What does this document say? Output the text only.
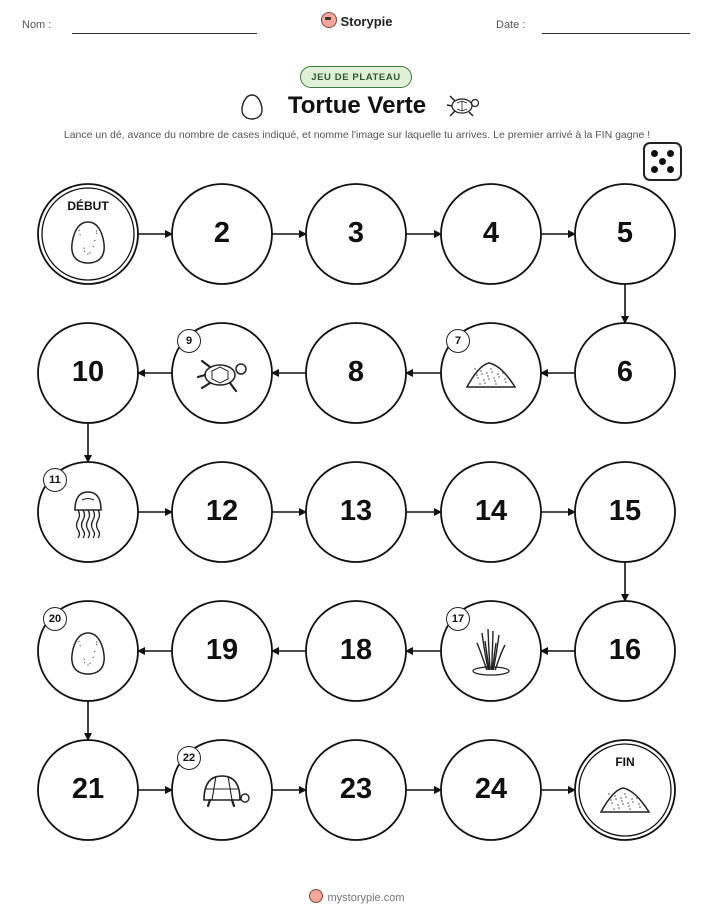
Nom :	Storypie	Date :
JEU DE PLATEAU
Tortue Verte
Lance un dé, avance du nombre de cases indiqué, et nomme l'image sur laquelle tu arrives. Le premier arrivé à la FIN gagne !
DÉBUT
FIN
2	3	4	5
6
7
8
9
10
11
12	13	14	15
16
17
18
19
20
21
22
23	24
mystorypie.com
